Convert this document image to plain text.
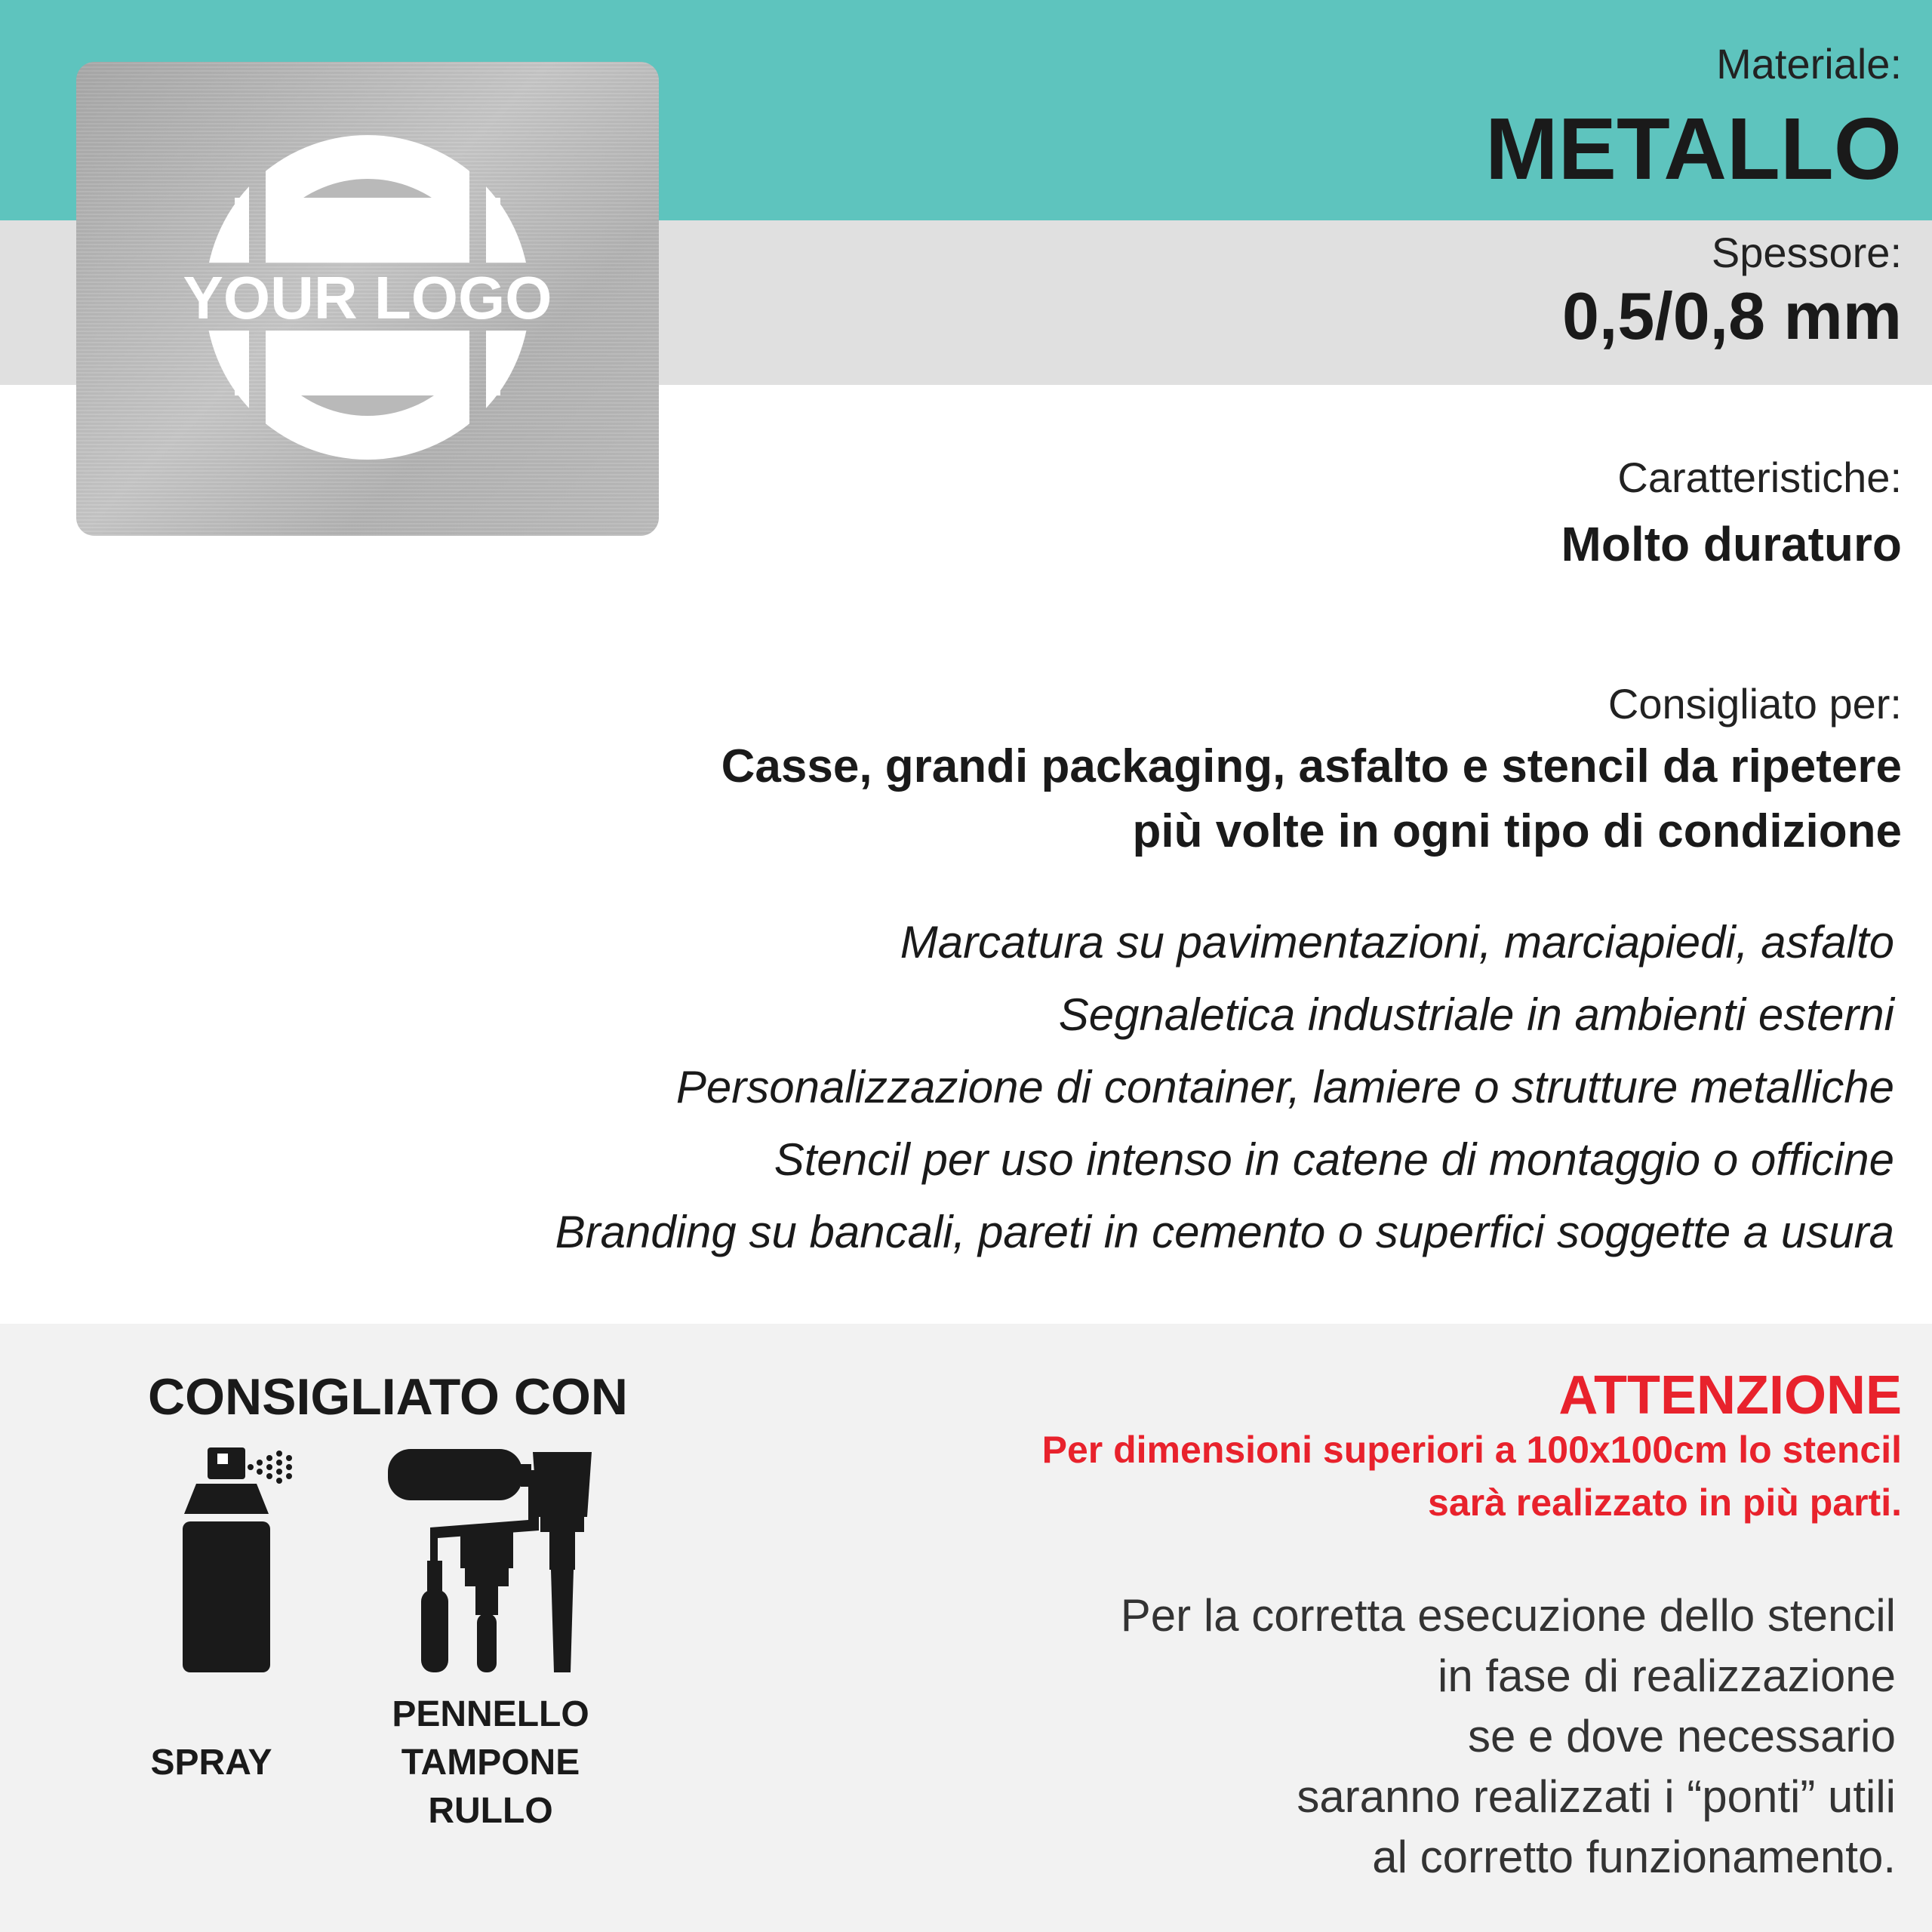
YOUR LOGO
Materiale:
METALLO
Spessore:
0,5/0,8 mm
Caratteristiche:
Molto duraturo
Consigliato per:
Casse, grandi packaging, asfalto e stencil da ripetere
più volte in ogni tipo di condizione
Marcatura su pavimentazioni, marciapiedi, asfalto
Segnaletica industriale in ambienti esterni
Personalizzazione di container, lamiere o strutture metalliche
Stencil per uso intenso in catene di montaggio o officine
Branding su bancali, pareti in cemento o superfici soggette a usura
CONSIGLIATO CON
SPRAY
PENNELLO
TAMPONE
RULLO
ATTENZIONE
Per dimensioni superiori a 100x100cm lo stencil
sarà realizzato in più parti.
Per la corretta esecuzione dello stencil
in fase di realizzazione
se e dove necessario
saranno realizzati i “ponti” utili
al corretto funzionamento.
